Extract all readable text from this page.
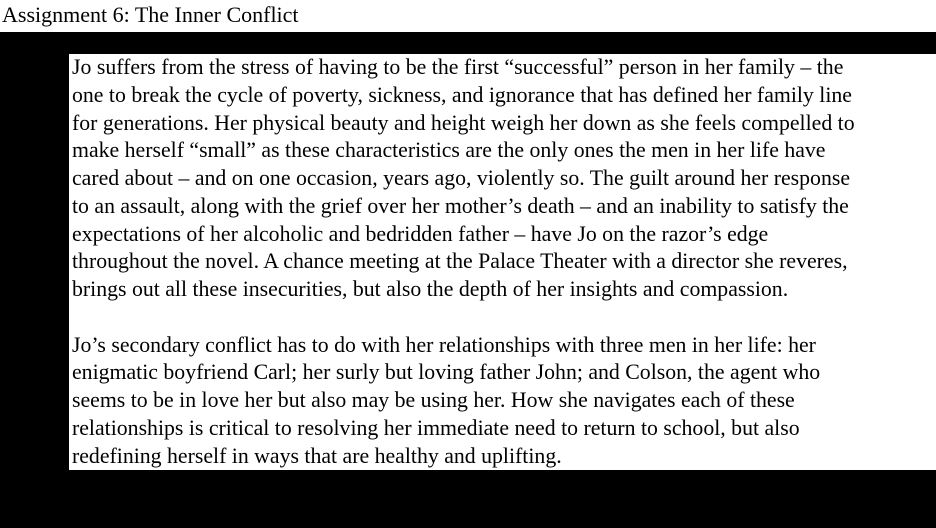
Assignment 6: The Inner Conflict
Jo suffers from the stress of having to be the first “successful” person in her family – the
one to break the cycle of poverty, sickness, and ignorance that has defined her family line
for generations. Her physical beauty and height weigh her down as she feels compelled to
make herself “small” as these characteristics are the only ones the men in her life have
cared about – and on one occasion, years ago, violently so. The guilt around her response
to an assault, along with the grief over her mother’s death – and an inability to satisfy the
expectations of her alcoholic and bedridden father – have Jo on the razor’s edge
throughout the novel. A chance meeting at the Palace Theater with a director she reveres,
brings out all these insecurities, but also the depth of her insights and compassion.
Jo’s secondary conflict has to do with her relationships with three men in her life: her
enigmatic boyfriend Carl; her surly but loving father John; and Colson, the agent who
seems to be in love her but also may be using her. How she navigates each of these
relationships is critical to resolving her immediate need to return to school, but also
redefining herself in ways that are healthy and uplifting.
